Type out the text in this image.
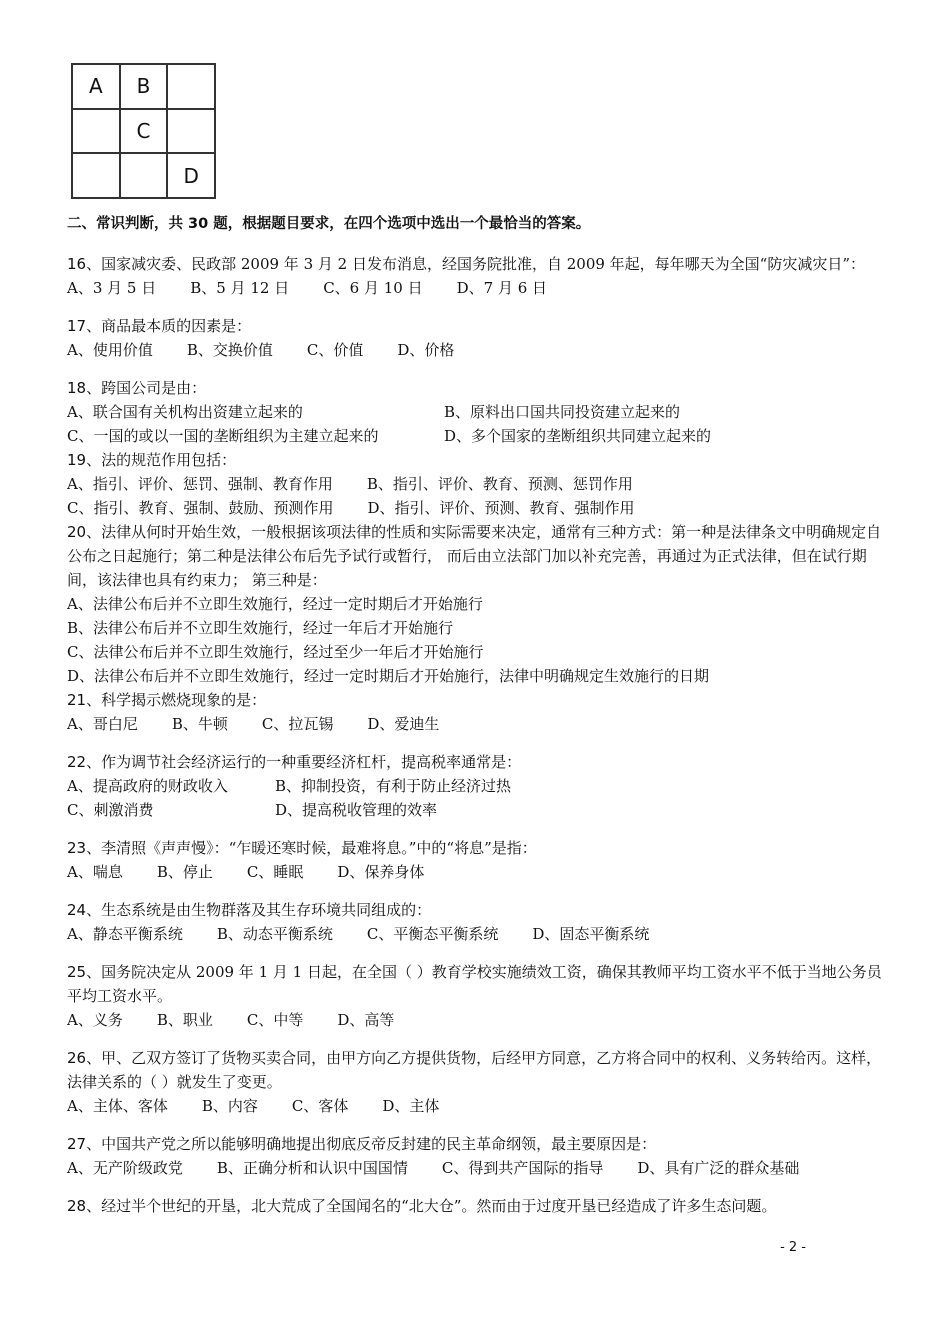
A	B	
	C	
		D
二、常识判断，共 30 题，根据题目要求，在四个选项中选出一个最恰当的答案。
16、国家减灾委、民政部 2009 年 3 月 2 日发布消息，经国务院批准，自 2009 年起，每年哪天为全国“防灾减灾日”：
A、3 月 5 日 B、5 月 12 日 C、6 月 10 日 D、7 月 6 日
17、商品最本质的因素是：
A、使用价值 B、交换价值 C、价值 D、价格
18、跨国公司是由：
A、联合国有关机构出资建立起来的	B、原料出口国共同投资建立起来的
C、一国的或以一国的垄断组织为主建立起来的	D、多个国家的垄断组织共同建立起来的
19、法的规范作用包括：
A、指引、评价、惩罚、强制、教育作用 B、指引、评价、教育、预测、惩罚作用
C、指引、教育、强制、鼓励、预测作用 D、指引、评价、预测、教育、强制作用
20、法律从何时开始生效，一般根据该项法律的性质和实际需要来决定，通常有三种方式：第一种是法律条文中明确规定自公布之日起施行；第二种是法律公布后先予试行或暂行， 而后由立法部门加以补充完善，再通过为正式法律，但在试行期间，该法律也具有约束力； 第三种是：
A、法律公布后并不立即生效施行，经过一定时期后才开始施行
B、法律公布后并不立即生效施行，经过一年后才开始施行
C、法律公布后并不立即生效施行，经过至少一年后才开始施行
D、法律公布后并不立即生效施行，经过一定时期后才开始施行，法律中明确规定生效施行的日期
21、科学揭示燃烧现象的是：
A、哥白尼 B、牛顿 C、拉瓦锡 D、爱迪生
22、作为调节社会经济运行的一种重要经济杠杆，提高税率通常是：
A、提高政府的财政收入	B、抑制投资，有利于防止经济过热
C、刺激消费	D、提高税收管理的效率
23、李清照《声声慢》：“乍暖还寒时候，最难将息。”中的“将息”是指：
A、喘息 B、停止 C、睡眠 D、保养身体
24、生态系统是由生物群落及其生存环境共同组成的：
A、静态平衡系统 B、动态平衡系统 C、平衡态平衡系统 D、固态平衡系统
25、国务院决定从 2009 年 1 月 1 日起，在全国（ ）教育学校实施绩效工资，确保其教师平均工资水平不低于当地公务员平均工资水平。
A、义务 B、职业 C、中等 D、高等
26、甲、乙双方签订了货物买卖合同，由甲方向乙方提供货物，后经甲方同意，乙方将合同中的权利、义务转给丙。这样，法律关系的（ ）就发生了变更。
A、主体、客体 B、内容 C、客体 D、主体
27、中国共产党之所以能够明确地提出彻底反帝反封建的民主革命纲领，最主要原因是：
A、无产阶级政党 B、正确分析和认识中国国情 C、得到共产国际的指导 D、具有广泛的群众基础
28、经过半个世纪的开垦，北大荒成了全国闻名的“北大仓”。然而由于过度开垦已经造成了许多生态问题。
- 2 -
